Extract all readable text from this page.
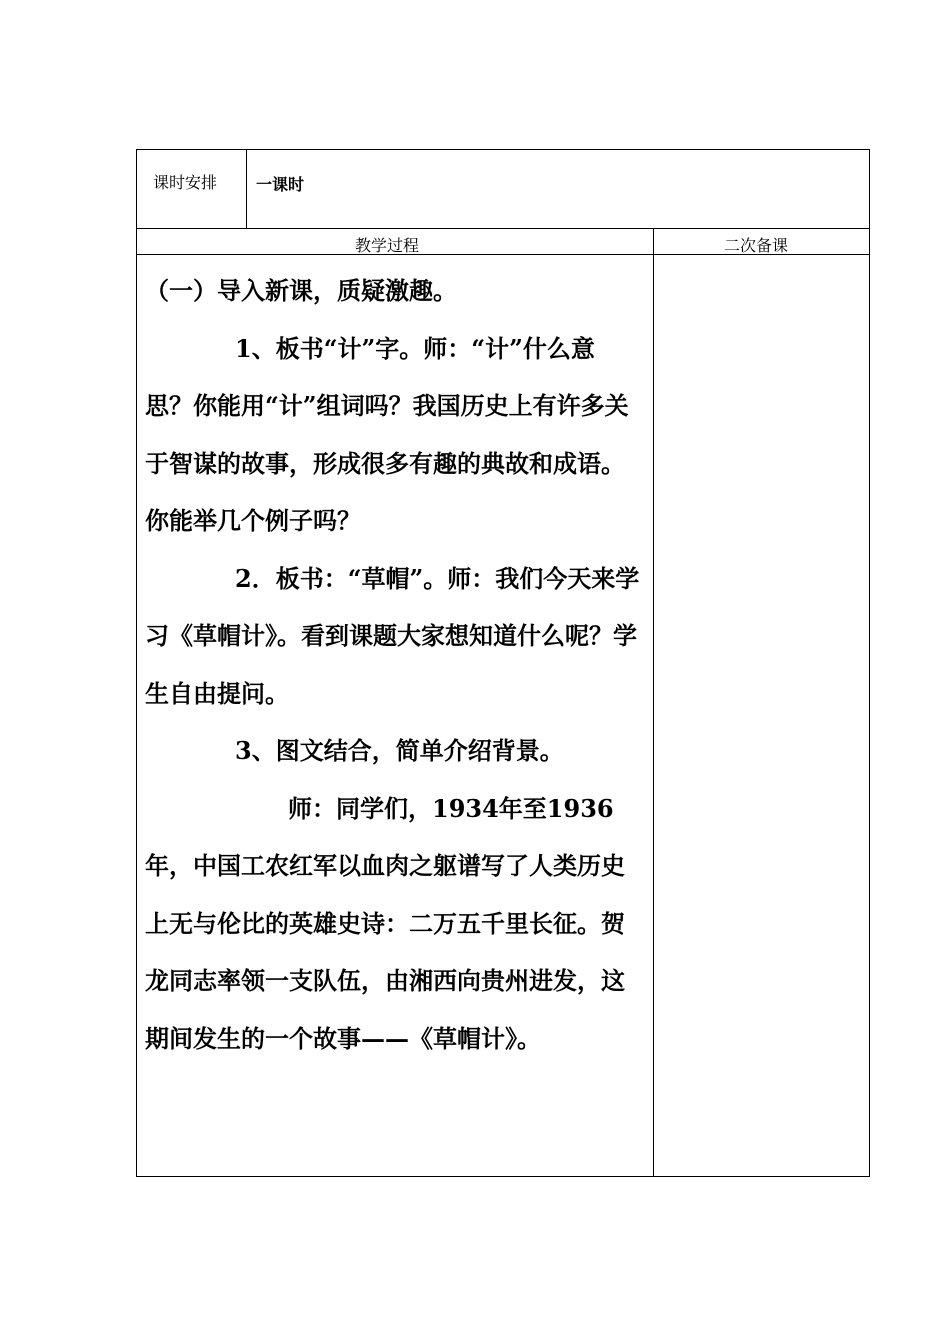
课时安排 一课时
教学过程	二次备课

（一）导入新课，质疑激趣。

1、板书“计”字。师：“计”什么意思？你能用“计”组词吗？我国历史上有许多关于智谋的故事，形成很多有趣的典故和成语。你能举几个例子吗？

2．板书：“草帽”。师：我们今天来学习《草帽计》。看到课题大家想知道什么呢？学生自由提问。

3、图文结合，简单介绍背景。

师：同学们，1934年至1936年，中国工农红军以血肉之躯谱写了人类历史上无与伦比的英雄史诗：二万五千里长征。贺龙同志率领一支队伍，由湘西向贵州进发，这期间发生的一个故事——《草帽计》。
